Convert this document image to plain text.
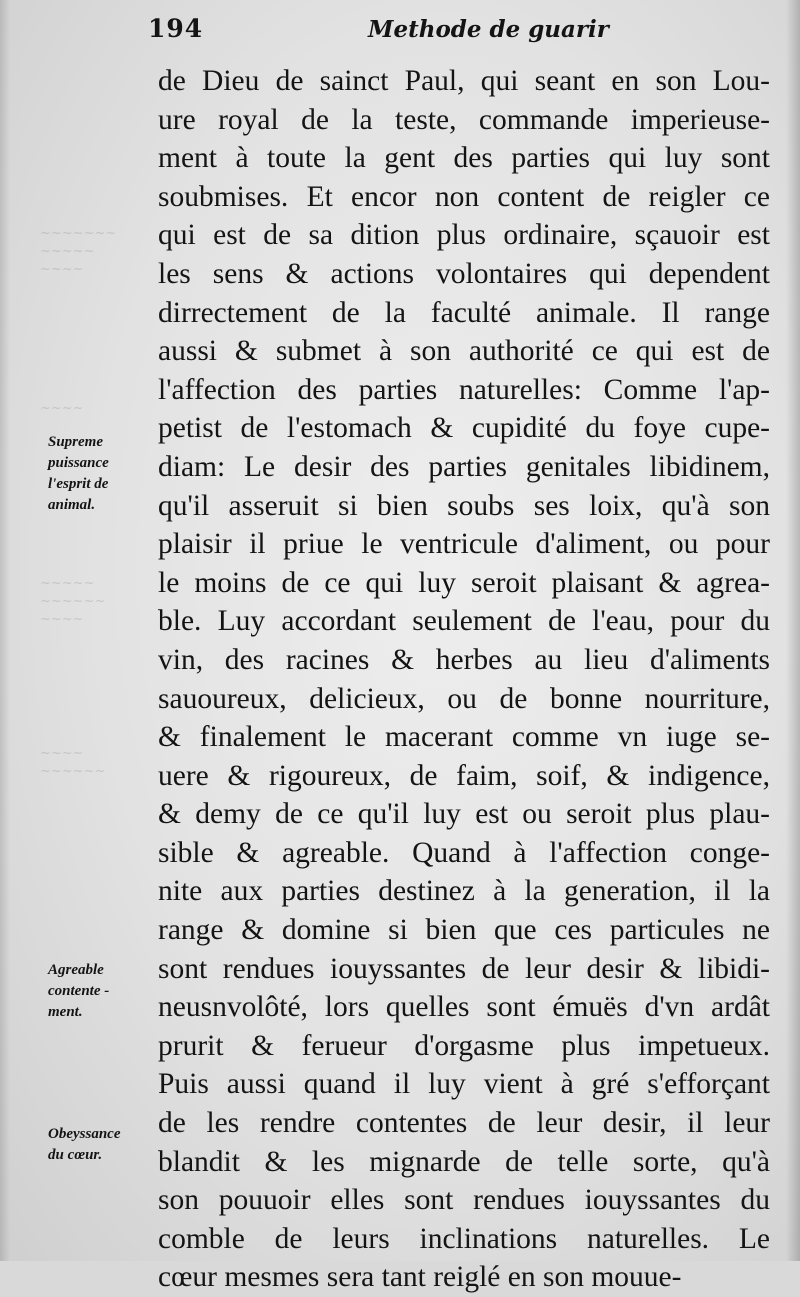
~~~~~~~
~~~~~
~~~~
~~~~
~~~~~
~~~~~~
~~~~
~~~~
~~~~~~
194	Methode de guarir
de Dieu de sainct Paul, qui seant en son Lou-
ure royal de la teste, commande imperieuse-
ment à toute la gent des parties qui luy sont
soubmises. Et encor non content de reigler ce
qui est de sa dition plus ordinaire, sçauoir est
les sens & actions volontaires qui dependent
dirrectement de la faculté animale. Il range
aussi & submet à son authorité ce qui est de
l'affection des parties naturelles: Comme l'ap-
petist de l'estomach & cupidité du foye cupe-
diam: Le desir des parties genitales libidinem,
qu'il asseruit si bien soubs ses loix, qu'à son
plaisir il priue le ventricule d'aliment, ou pour
le moins de ce qui luy seroit plaisant & agrea-
ble. Luy accordant seulement de l'eau, pour du
vin, des racines & herbes au lieu d'aliments
sauoureux, delicieux, ou de bonne nourriture,
& finalement le macerant comme vn iuge se-
uere & rigoureux, de faim, soif, & indigence,
& demy de ce qu'il luy est ou seroit plus plau-
sible & agreable. Quand à l'affection conge-
nite aux parties destinez à la generation, il la
range & domine si bien que ces particules ne
sont rendues iouyssantes de leur desir & libidi-
neusnvolôté, lors quelles sont émuës d'vn ardât
prurit & ferueur d'orgasme plus impetueux.
Puis aussi quand il luy vient à gré s'efforçant
de les rendre contentes de leur desir, il leur
blandit & les mignarde de telle sorte, qu'à
son pouuoir elles sont rendues iouyssantes du
comble de leurs inclinations naturelles. Le
cœur mesmes sera tant reiglé en son mouue-
Supreme
puissance
l'esprit de
animal.
Agreable
contente -
ment.
Obeyssance
du cœur.
